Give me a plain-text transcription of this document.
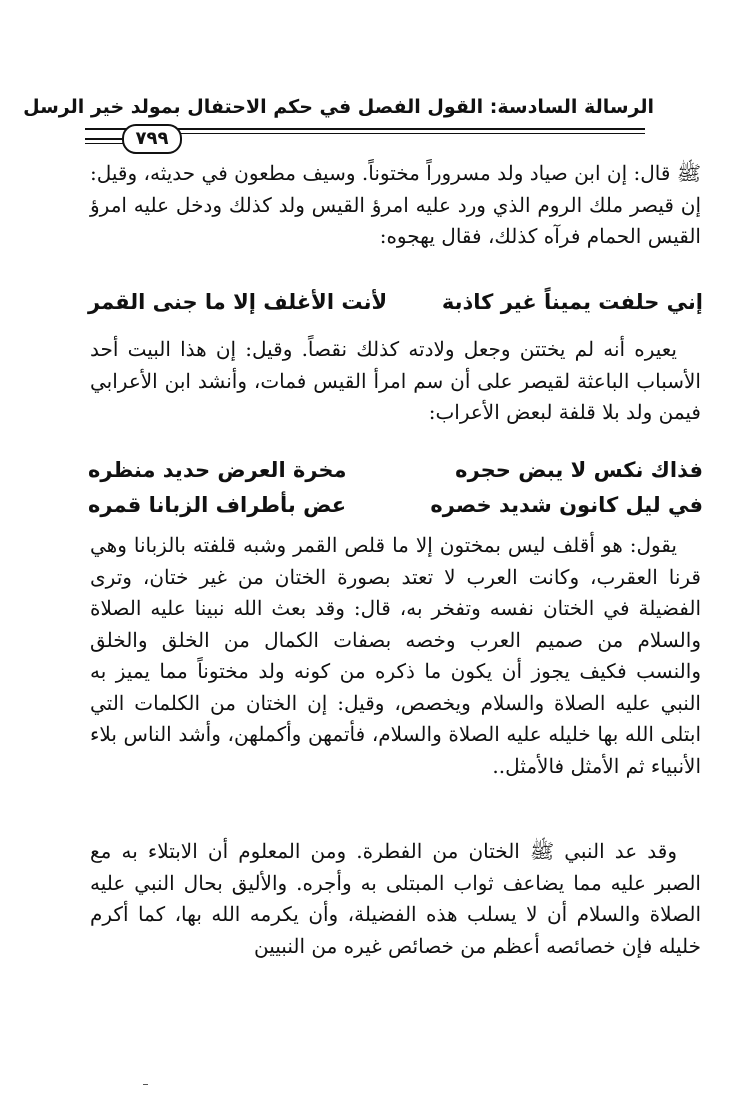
الرسالة السادسة: القول الفصل في حكم الاحتفال بمولد خير الرسل
٧٩٩
ﷺ قال: إن ابن صياد ولد مسروراً مختوناً. وسيف مطعون في حديثه، وقيل: إن قيصر ملك الروم الذي ورد عليه امرؤ القيس ولد كذلك ودخل عليه امرؤ القيس الحمام فرآه كذلك، فقال يهجوه:
إني حلفت يميناً غير كاذبة
لأنت الأغلف إلا ما جنى القمر
يعيره أنه لم يختتن وجعل ولادته كذلك نقصاً. وقيل: إن هذا البيت أحد الأسباب الباعثة لقيصر على أن سم امرأ القيس فمات، وأنشد ابن الأعرابي فيمن ولد بلا قلفة لبعض الأعراب:
فذاك نكس لا يبض حجره
مخرة العرض حديد منظره
في ليل كانون شديد خصره
عض بأطراف الزبانا قمره
يقول: هو أقلف ليس بمختون إلا ما قلص القمر وشبه قلفته بالزبانا وهي قرنا العقرب، وكانت العرب لا تعتد بصورة الختان من غير ختان، وترى الفضيلة في الختان نفسه وتفخر به، قال: وقد بعث الله نبينا عليه الصلاة والسلام من صميم العرب وخصه بصفات الكمال من الخلق والخلق والنسب فكيف يجوز أن يكون ما ذكره من كونه ولد مختوناً مما يميز به النبي عليه الصلاة والسلام ويخصص، وقيل: إن الختان من الكلمات التي ابتلى الله بها خليله عليه الصلاة والسلام، فأتمهن وأكملهن، وأشد الناس بلاء الأنبياء ثم الأمثل فالأمثل..
وقد عد النبي ﷺ الختان من الفطرة. ومن المعلوم أن الابتلاء به مع الصبر عليه مما يضاعف ثواب المبتلى به وأجره. والأليق بحال النبي عليه الصلاة والسلام أن لا يسلب هذه الفضيلة، وأن يكرمه الله بها، كما أكرم خليله فإن خصائصه أعظم من خصائص غيره من النبيين
